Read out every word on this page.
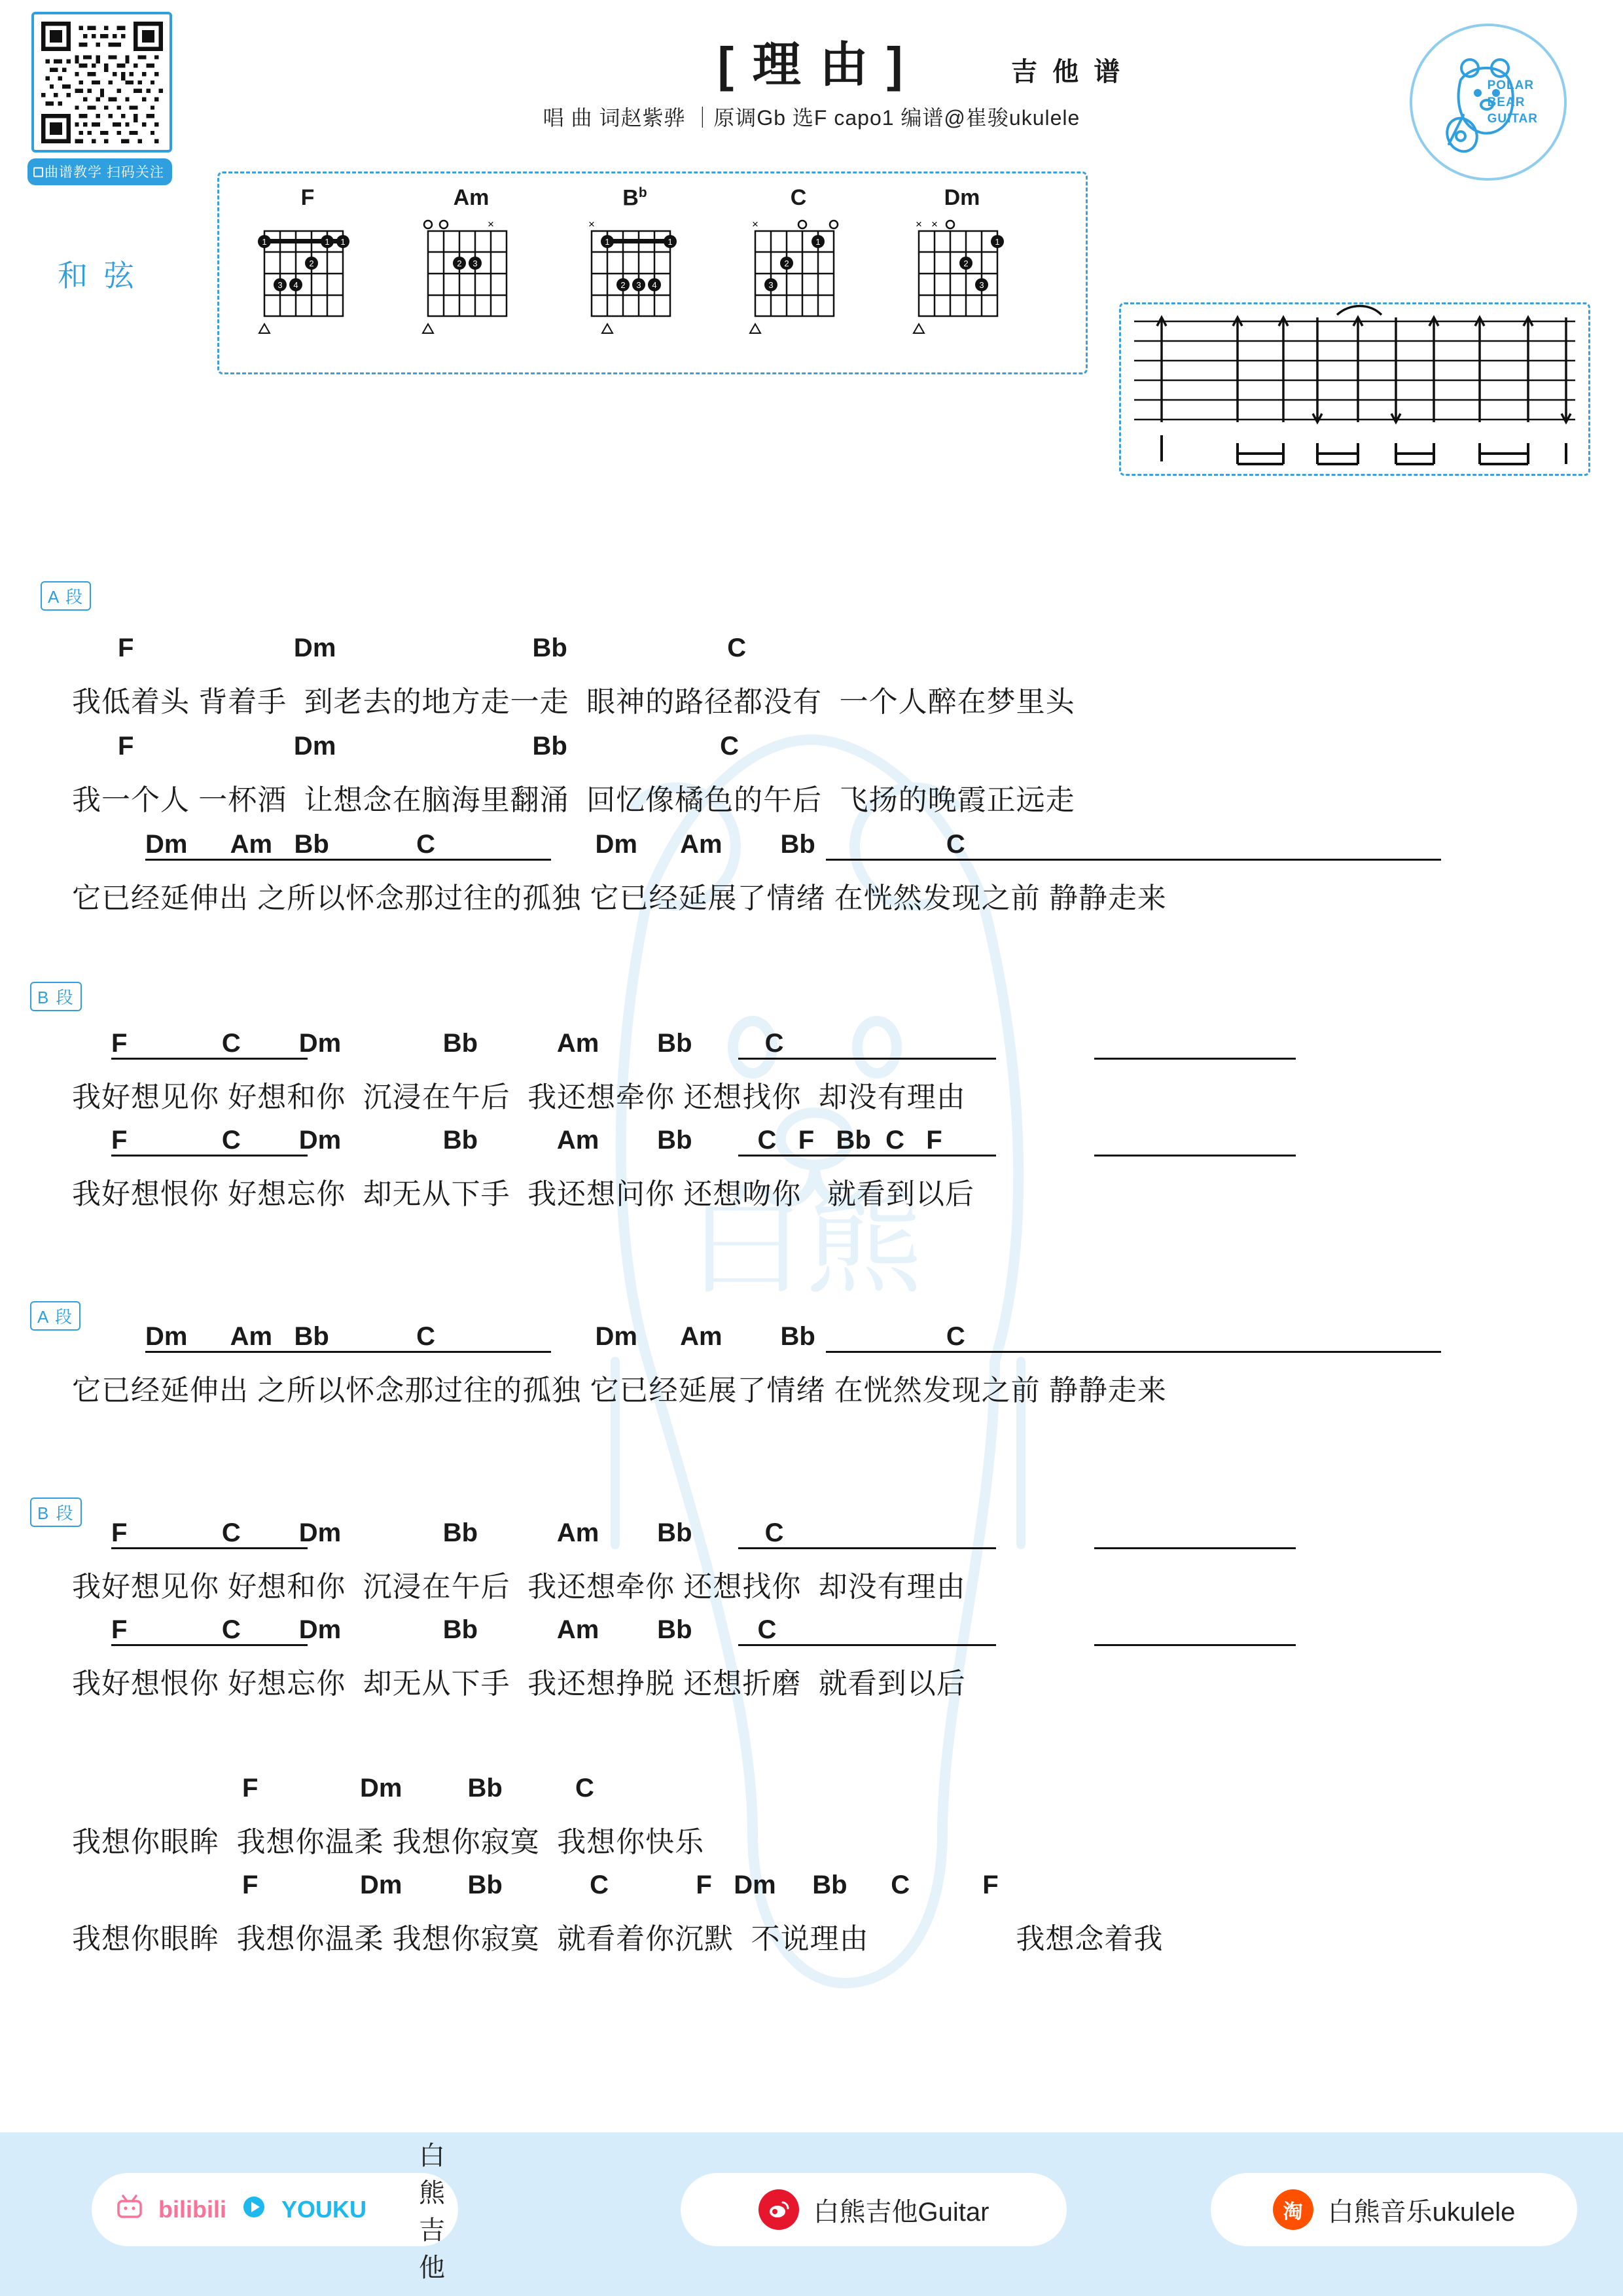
白熊
曲谱教学 扫码关注
[ 理 由 ]	吉 他 谱
唱 曲 词赵紫骅 ｜原调Gb 选F capo1 编谱@崔骏ukulele
POLAR
BEAR
GUITAR
和 弦
F
1	1 1
2
3 4
Am
×
2 3
$B^b$
×
1	1
2 3 4
C
×
1
2
3
Dm
× ×
1
2
3
A 段
F                      Dm                           Bb                      C
我低着头 背着手  到老去的地方走一走  眼神的路径都没有  一个人醉在梦里头
F                      Dm                           Bb                     C
我一个人 一杯酒  让想念在脑海里翻涌  回忆像橘色的午后  飞扬的晚霞正远走
Dm      Am   Bb            C                      Dm      Am        Bb                  C
它已经延伸出 之所以怀念那过往的孤独 它已经延展了情绪 在恍然发现之前 静静走来
B 段
F             C        Dm              Bb           Am        Bb          C
我好想见你 好想和你  沉浸在午后  我还想牵你 还想找你  却没有理由
F             C        Dm              Bb           Am        Bb         C   F   Bb  C   F
我好想恨你 好想忘你  却无从下手  我还想问你 还想吻你   就看到以后
A 段
Dm      Am   Bb            C                      Dm      Am        Bb                  C
它已经延伸出 之所以怀念那过往的孤独 它已经延展了情绪 在恍然发现之前 静静走来
B 段
F             C        Dm              Bb           Am        Bb          C
我好想见你 好想和你  沉浸在午后  我还想牵你 还想找你  却没有理由
F             C        Dm              Bb           Am        Bb         C
我好想恨你 好想忘你  却无从下手  我还想挣脱 还想折磨  就看到以后
F              Dm         Bb          C
我想你眼眸  我想你温柔 我想你寂寞  我想你快乐
F              Dm         Bb            C            F   Dm     Bb      C          F
我想你眼眸  我想你温柔 我想你寂寞  就看着你沉默  不说理由                 我想念着我
bilibili YOUKU
白熊吉他
白熊吉他Guitar	淘 白熊音乐ukulele
